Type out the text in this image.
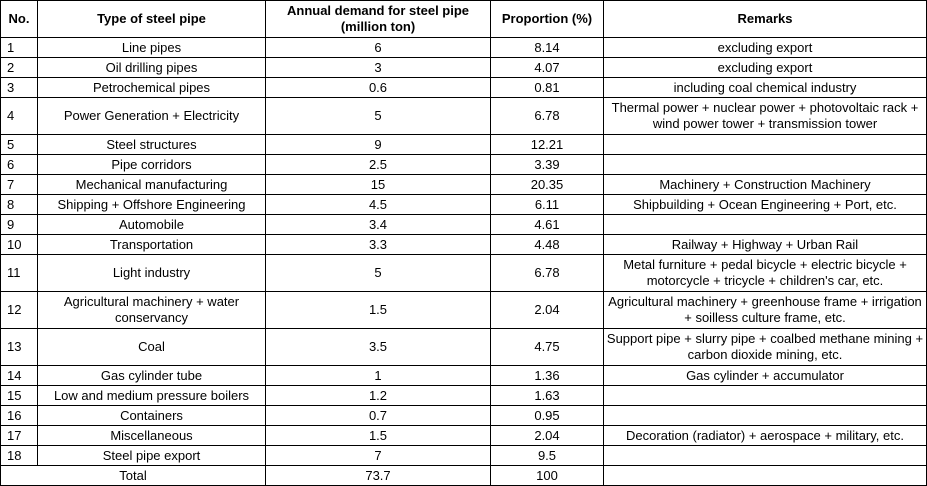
No.	Type of steel pipe	Annual demand for steel pipe (million ton)	Proportion (%)	Remarks
1	Line pipes	6	8.14	excluding export
2	Oil drilling pipes	3	4.07	excluding export
3	Petrochemical pipes	0.6	0.81	including coal chemical industry
4	Power Generation + Electricity	5	6.78	Thermal power + nuclear power + photovoltaic rack + wind power tower + transmission tower
5	Steel structures	9	12.21	
6	Pipe corridors	2.5	3.39	
7	Mechanical manufacturing	15	20.35	Machinery + Construction Machinery
8	Shipping + Offshore Engineering	4.5	6.11	Shipbuilding + Ocean Engineering + Port, etc.
9	Automobile	3.4	4.61	
10	Transportation	3.3	4.48	Railway + Highway + Urban Rail
11	Light industry	5	6.78	Metal furniture + pedal bicycle + electric bicycle + motorcycle + tricycle + children's car, etc.
12	Agricultural machinery + water conservancy	1.5	2.04	Agricultural machinery + greenhouse frame + irrigation + soilless culture frame, etc.
13	Coal	3.5	4.75	Support pipe + slurry pipe + coalbed methane mining + carbon dioxide mining, etc.
14	Gas cylinder tube	1	1.36	Gas cylinder + accumulator
15	Low and medium pressure boilers	1.2	1.63	
16	Containers	0.7	0.95	
17	Miscellaneous	1.5	2.04	Decoration (radiator) + aerospace + military, etc.
18	Steel pipe export	7	9.5	
Total		73.7	100	
